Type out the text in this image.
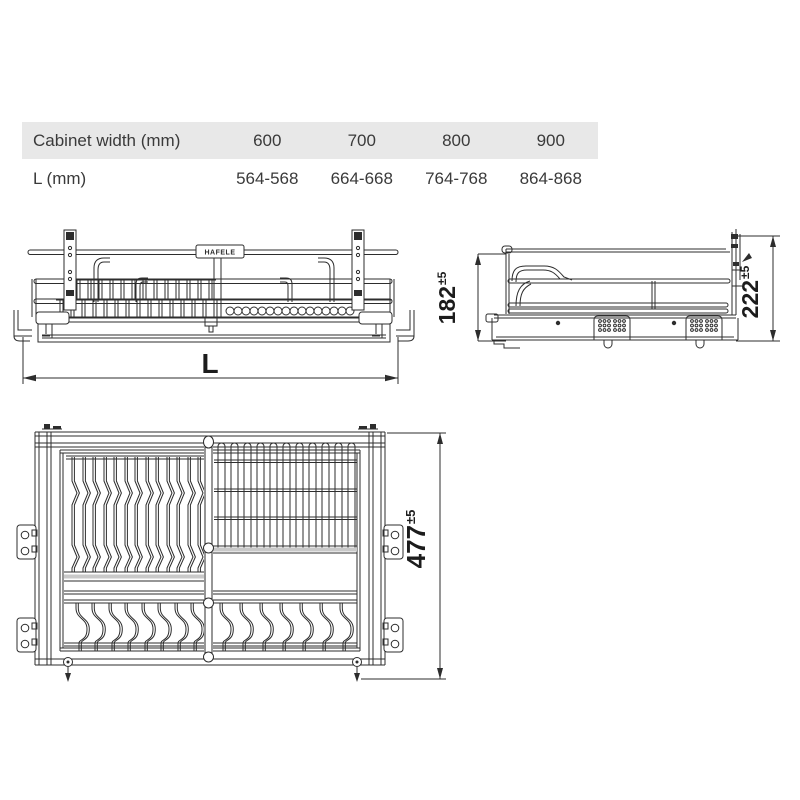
Cabinet width (mm)	600	700	800	900
L (mm)	564-568	664-668	764-768	864-868
HAFELE
L
$182^{\pm 5}$
$222^{\pm 5}$
$477^{\pm 5}$
